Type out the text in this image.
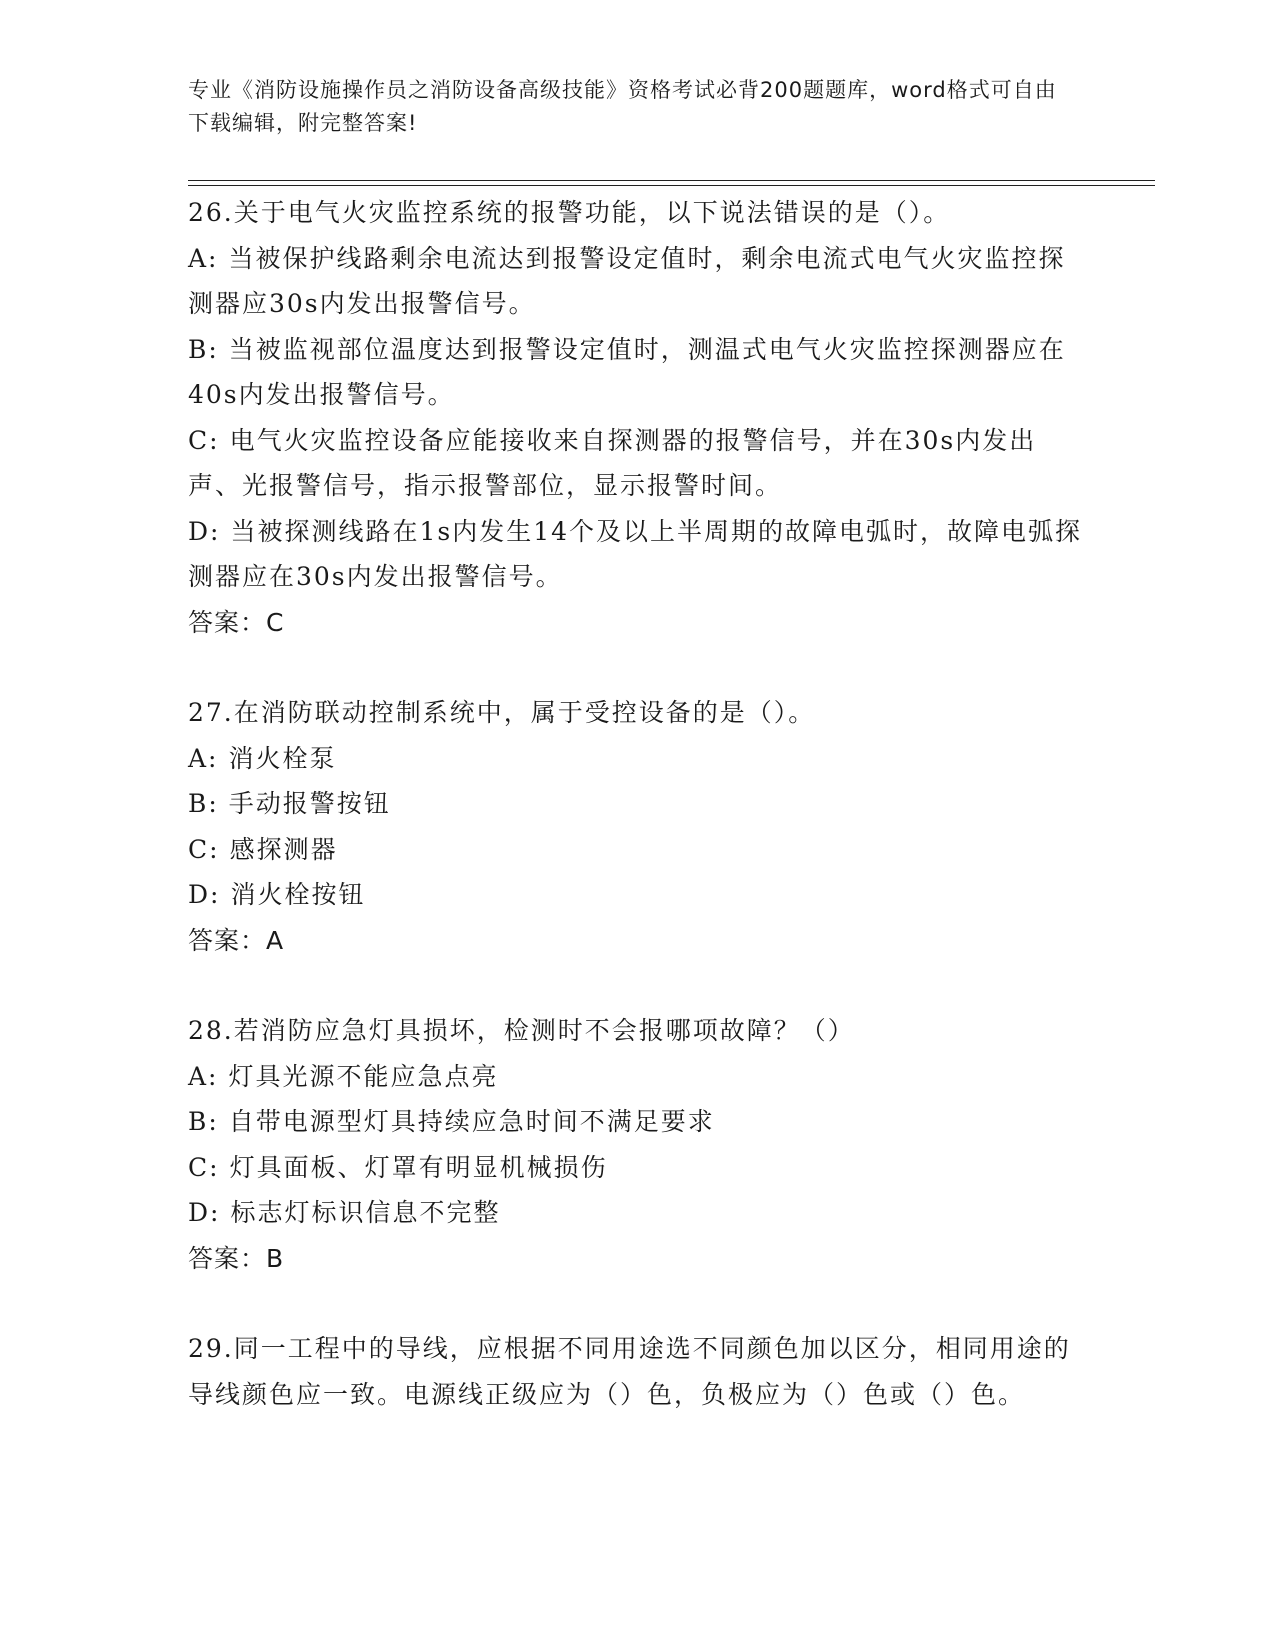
专业《消防设施操作员之消防设备高级技能》资格考试必背200题题库，word格式可自由下载编辑，附完整答案!

26.关于电气火灾监控系统的报警功能，以下说法错误的是（）。

A: 当被保护线路剩余电流达到报警设定值时，剩余电流式电气火灾监控探测器应30s内发出报警信号。

B: 当被监视部位温度达到报警设定值时，测温式电气火灾监控探测器应在40s内发出报警信号。

C: 电气火灾监控设备应能接收来自探测器的报警信号，并在30s内发出声、光报警信号，指示报警部位，显示报警时间。

D: 当被探测线路在1s内发生14个及以上半周期的故障电弧时，故障电弧探测器应在30s内发出报警信号。

答案：C

27.在消防联动控制系统中，属于受控设备的是（）。

A: 消火栓泵

B: 手动报警按钮

C: 感探测器

D: 消火栓按钮

答案：A

28.若消防应急灯具损坏，检测时不会报哪项故障？（）

A: 灯具光源不能应急点亮

B: 自带电源型灯具持续应急时间不满足要求

C: 灯具面板、灯罩有明显机械损伤

D: 标志灯标识信息不完整

答案：B

29.同一工程中的导线，应根据不同用途选不同颜色加以区分，相同用途的导线颜色应一致。电源线正级应为（）色，负极应为（）色或（）色。
